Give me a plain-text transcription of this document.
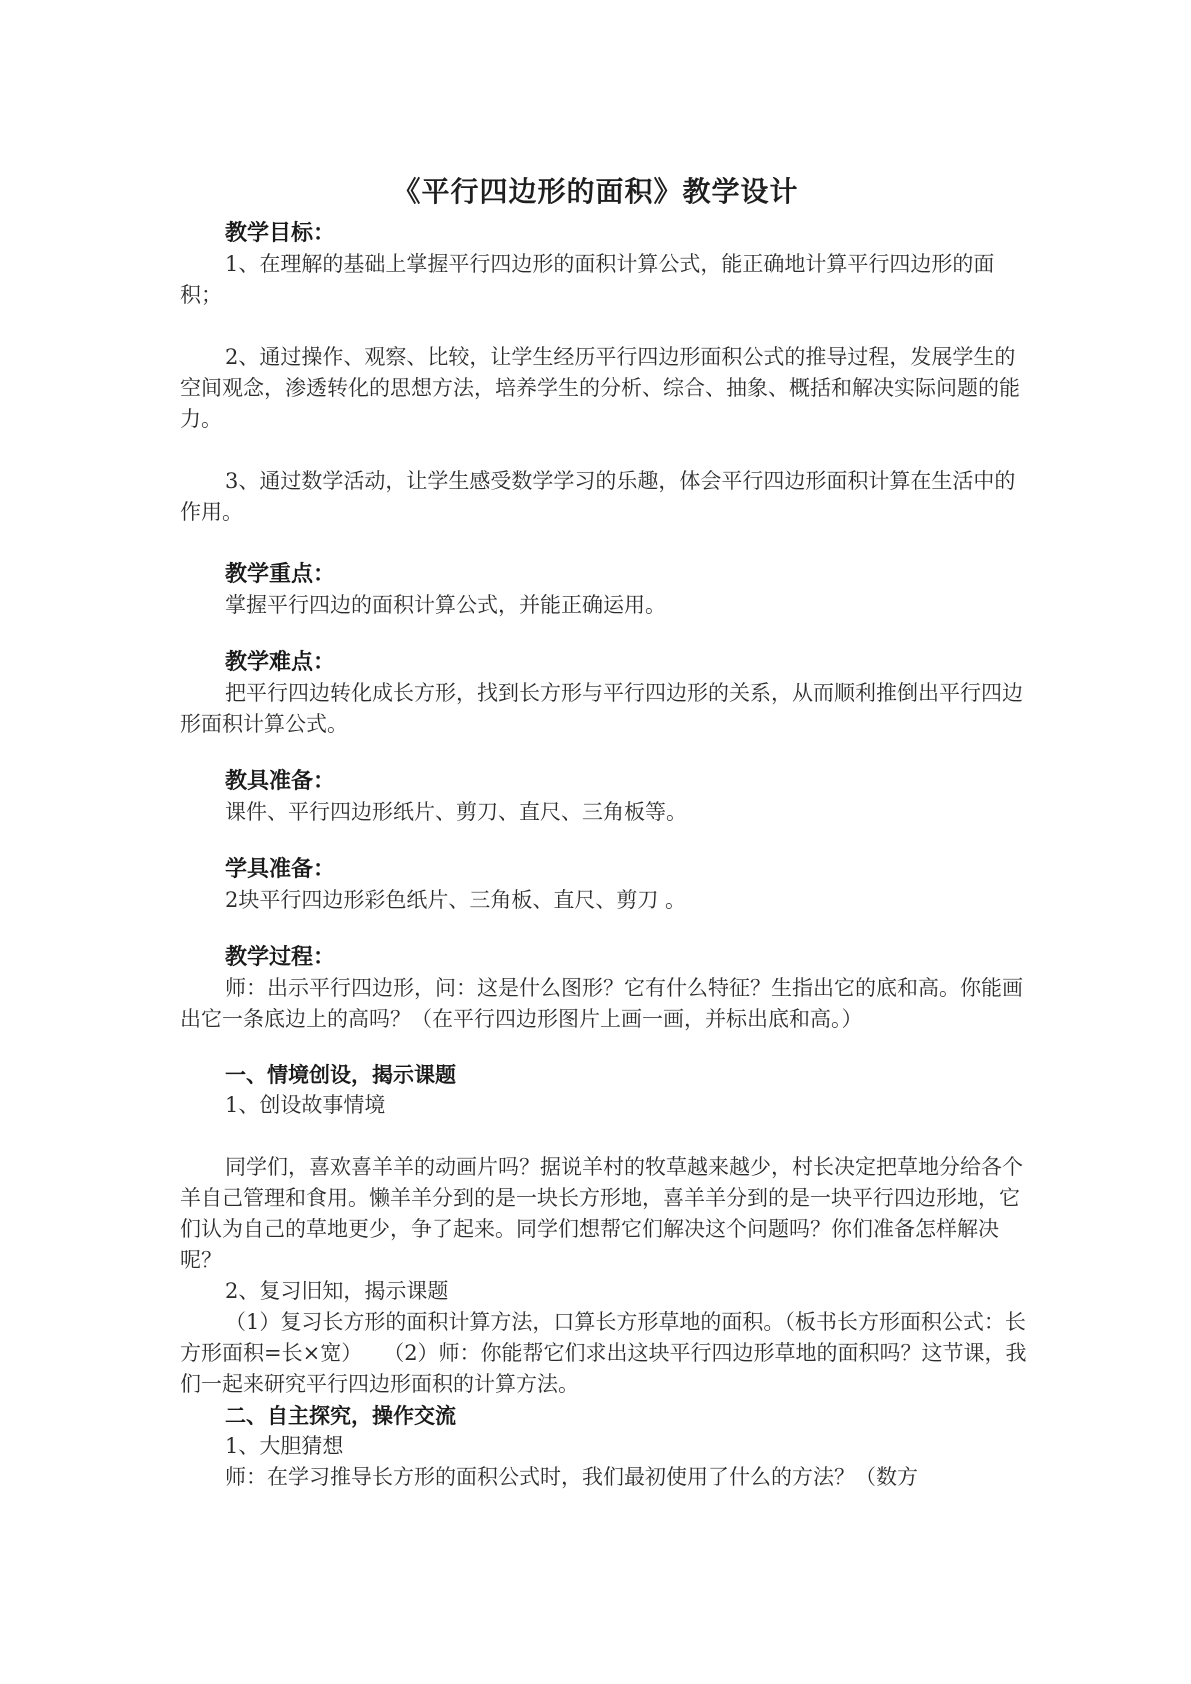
《平行四边形的面积》教学设计

教学目标：

1、在理解的基础上掌握平行四边形的面积计算公式，能正确地计算平行四边形的面积；

2、通过操作、观察、比较，让学生经历平行四边形面积公式的推导过程，发展学生的空间观念，渗透转化的思想方法，培养学生的分析、综合、抽象、概括和解决实际问题的能力。

3、通过数学活动，让学生感受数学学习的乐趣，体会平行四边形面积计算在生活中的作用。

教学重点：

掌握平行四边的面积计算公式，并能正确运用。

教学难点：

把平行四边转化成长方形，找到长方形与平行四边形的关系，从而顺利推倒出平行四边形面积计算公式。

教具准备：

课件、平行四边形纸片、剪刀、直尺、三角板等。

学具准备：

2块平行四边形彩色纸片、三角板、直尺、剪刀 。

教学过程：

师：出示平行四边形，问：这是什么图形？它有什么特征？生指出它的底和高。你能画出它一条底边上的高吗？（在平行四边形图片上画一画，并标出底和高。）

一、情境创设，揭示课题

1、创设故事情境

同学们，喜欢喜羊羊的动画片吗？据说羊村的牧草越来越少，村长决定把草地分给各个羊自己管理和食用。懒羊羊分到的是一块长方形地，喜羊羊分到的是一块平行四边形地，它们认为自己的草地更少，争了起来。同学们想帮它们解决这个问题吗？你们准备怎样解决呢？

2、复习旧知，揭示课题

（1）复习长方形的面积计算方法，口算长方形草地的面积。（板书长方形面积公式：长方形面积=长×宽）　　（2）师：你能帮它们求出这块平行四边形草地的面积吗？这节课，我们一起来研究平行四边形面积的计算方法。

二、自主探究，操作交流

1、大胆猜想

师：在学习推导长方形的面积公式时，我们最初使用了什么的方法？（数方
